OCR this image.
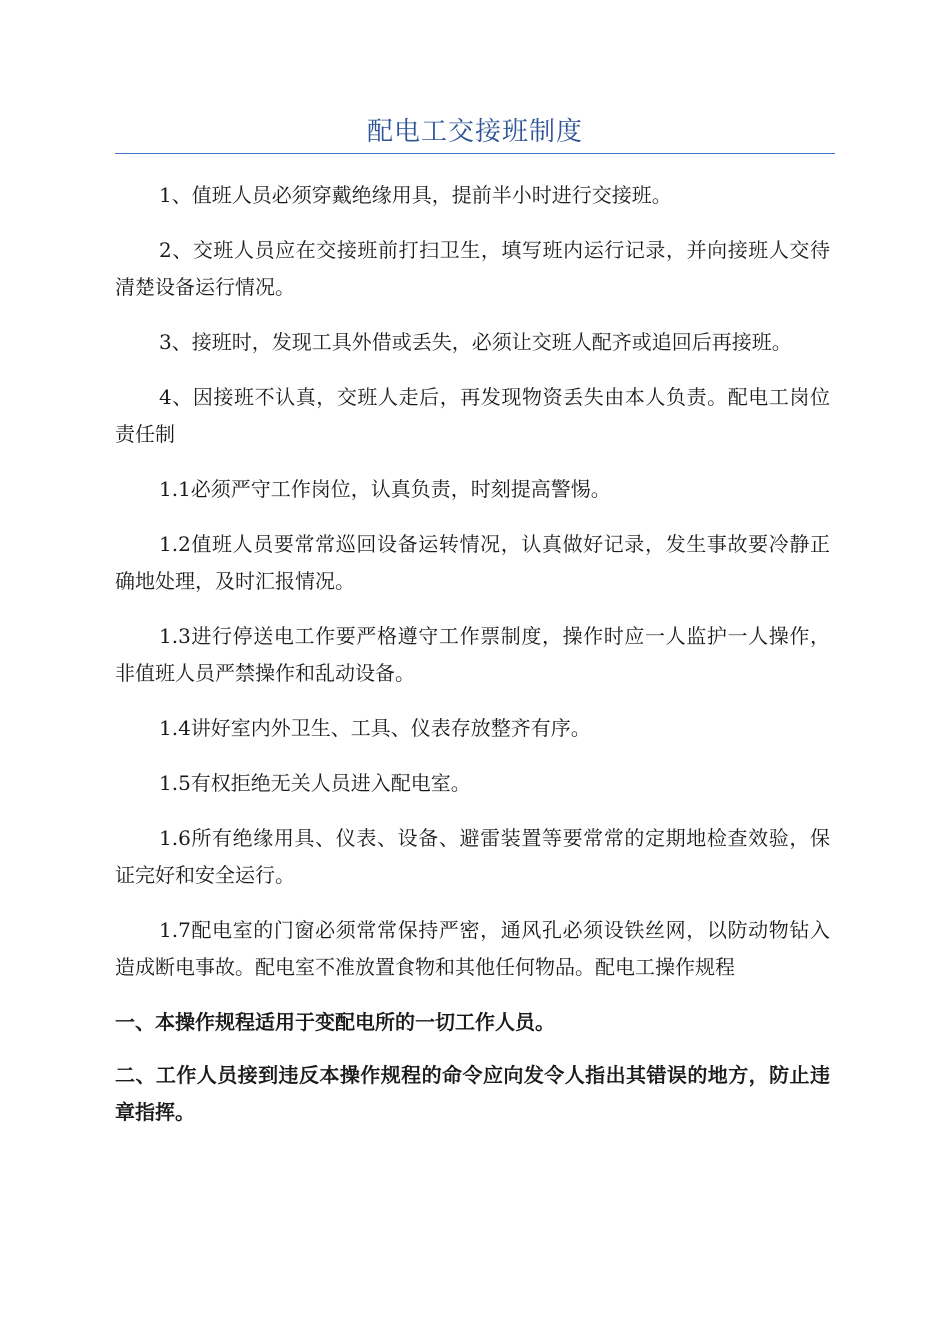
配电工交接班制度

1、值班人员必须穿戴绝缘用具，提前半小时进行交接班。

2、交班人员应在交接班前打扫卫生，填写班内运行记录，并向接班人交待清楚设备运行情况。

3、接班时，发现工具外借或丢失，必须让交班人配齐或追回后再接班。

4、因接班不认真，交班人走后，再发现物资丢失由本人负责。配电工岗位责任制

1.1必须严守工作岗位，认真负责，时刻提高警惕。

1.2值班人员要常常巡回设备运转情况，认真做好记录，发生事故要冷静正确地处理，及时汇报情况。

1.3进行停送电工作要严格遵守工作票制度，操作时应一人监护一人操作，非值班人员严禁操作和乱动设备。

1.4讲好室内外卫生、工具、仪表存放整齐有序。

1.5有权拒绝无关人员进入配电室。

1.6所有绝缘用具、仪表、设备、避雷装置等要常常的定期地检查效验，保证完好和安全运行。

1.7配电室的门窗必须常常保持严密，通风孔必须设铁丝网，以防动物钻入造成断电事故。配电室不准放置食物和其他任何物品。配电工操作规程

一、本操作规程适用于变配电所的一切工作人员。

二、工作人员接到违反本操作规程的命令应向发令人指出其错误的地方，防止违章指挥。
